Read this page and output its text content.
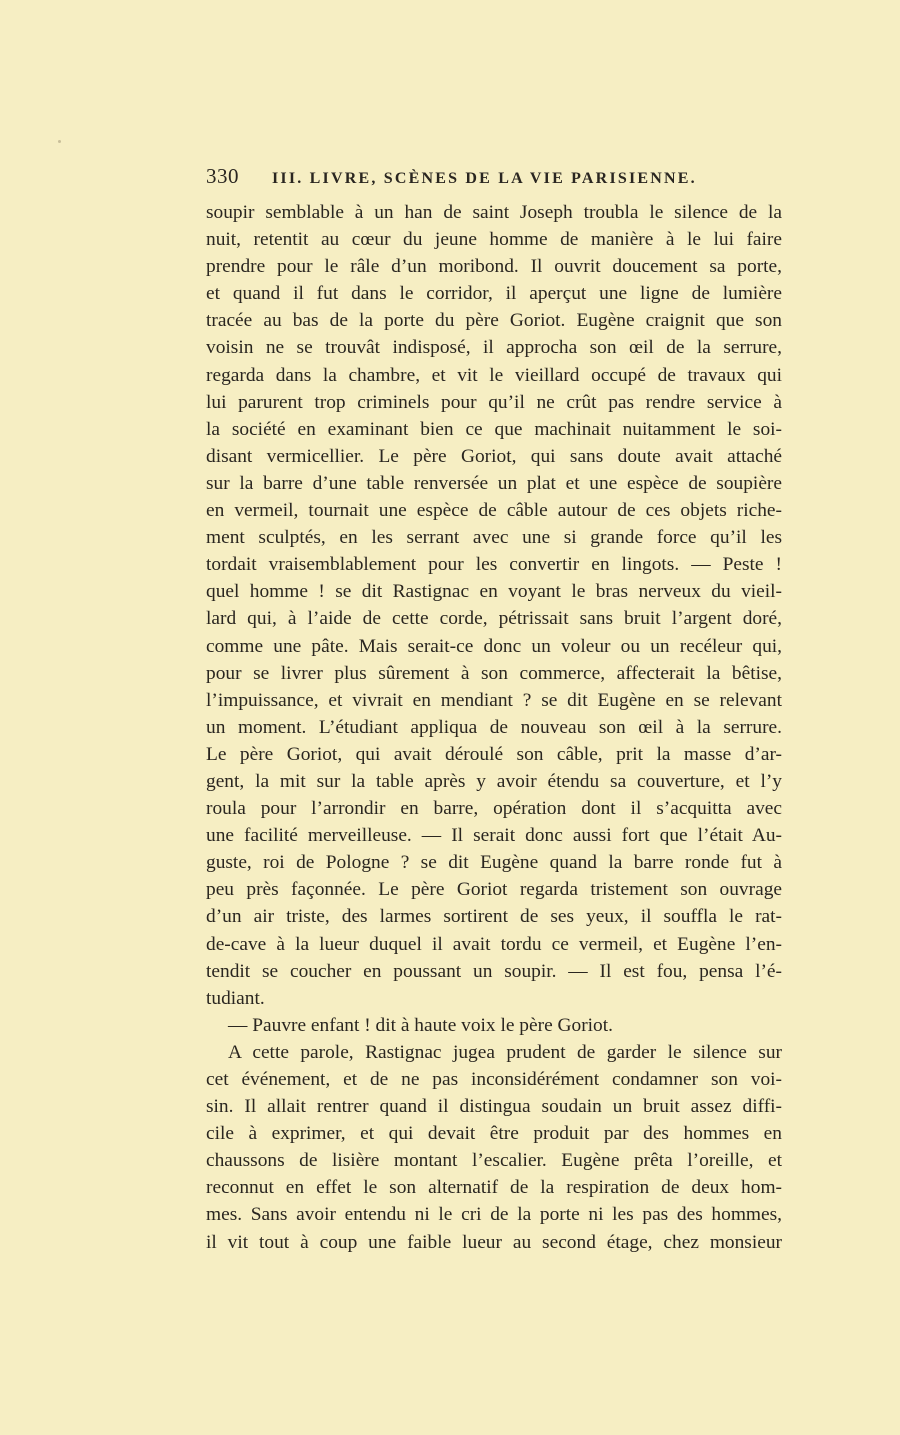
330	III. LIVRE, SCÈNES DE LA VIE PARISIENNE.
soupir semblable à un han de saint Joseph troubla le silence de la
nuit, retentit au cœur du jeune homme de manière à le lui faire
prendre pour le râle d’un moribond. Il ouvrit doucement sa porte,
et quand il fut dans le corridor, il aperçut une ligne de lumière
tracée au bas de la porte du père Goriot. Eugène craignit que son
voisin ne se trouvât indisposé, il approcha son œil de la serrure,
regarda dans la chambre, et vit le vieillard occupé de travaux qui
lui parurent trop criminels pour qu’il ne crût pas rendre service à
la société en examinant bien ce que machinait nuitamment le soi-
disant vermicellier. Le père Goriot, qui sans doute avait attaché
sur la barre d’une table renversée un plat et une espèce de soupière
en vermeil, tournait une espèce de câble autour de ces objets riche-
ment sculptés, en les serrant avec une si grande force qu’il les
tordait vraisemblablement pour les convertir en lingots. — Peste !
quel homme ! se dit Rastignac en voyant le bras nerveux du vieil-
lard qui, à l’aide de cette corde, pétrissait sans bruit l’argent doré,
comme une pâte. Mais serait-ce donc un voleur ou un recéleur qui,
pour se livrer plus sûrement à son commerce, affecterait la bêtise,
l’impuissance, et vivrait en mendiant ? se dit Eugène en se relevant
un moment. L’étudiant appliqua de nouveau son œil à la serrure.
Le père Goriot, qui avait déroulé son câble, prit la masse d’ar-
gent, la mit sur la table après y avoir étendu sa couverture, et l’y
roula pour l’arrondir en barre, opération dont il s’acquitta avec
une facilité merveilleuse. — Il serait donc aussi fort que l’était Au-
guste, roi de Pologne ? se dit Eugène quand la barre ronde fut à
peu près façonnée. Le père Goriot regarda tristement son ouvrage
d’un air triste, des larmes sortirent de ses yeux, il souffla le rat-
de-cave à la lueur duquel il avait tordu ce vermeil, et Eugène l’en-
tendit se coucher en poussant un soupir. — Il est fou, pensa l’é-
tudiant.
— Pauvre enfant ! dit à haute voix le père Goriot.
A cette parole, Rastignac jugea prudent de garder le silence sur
cet événement, et de ne pas inconsidérément condamner son voi-
sin. Il allait rentrer quand il distingua soudain un bruit assez diffi-
cile à exprimer, et qui devait être produit par des hommes en
chaussons de lisière montant l’escalier. Eugène prêta l’oreille, et
reconnut en effet le son alternatif de la respiration de deux hom-
mes. Sans avoir entendu ni le cri de la porte ni les pas des hommes,
il vit tout à coup une faible lueur au second étage, chez monsieur
